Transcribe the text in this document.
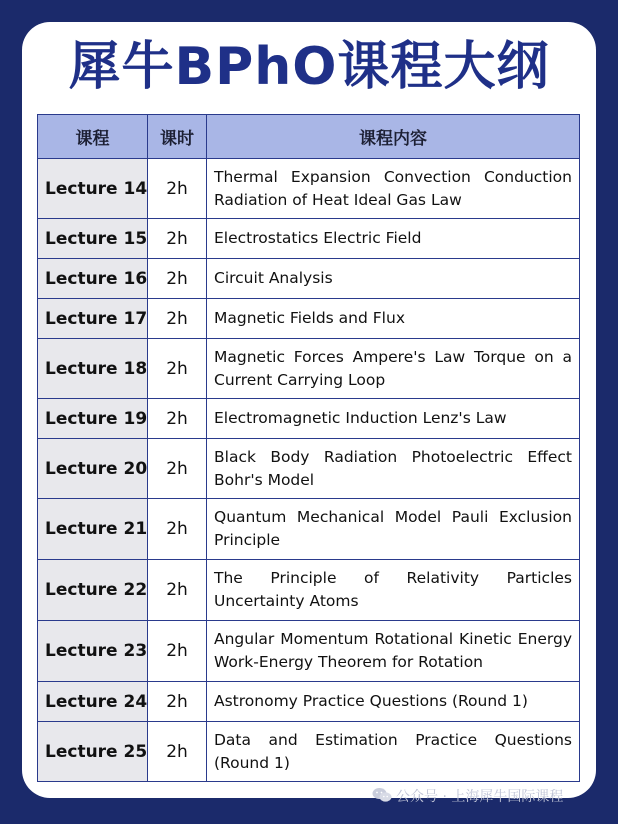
犀牛BPhO课程大纲
课程	课时	课程内容
Lecture 14	2h	Thermal Expansion Convection Conduction Radiation of Heat Ideal Gas Law
Lecture 15	2h	Electrostatics Electric Field
Lecture 16	2h	Circuit Analysis
Lecture 17	2h	Magnetic Fields and Flux
Lecture 18	2h	Magnetic Forces Ampere's Law Torque on a Current Carrying Loop
Lecture 19	2h	Electromagnetic Induction Lenz's Law
Lecture 20	2h	Black Body Radiation Photoelectric Effect Bohr's Model
Lecture 21	2h	Quantum Mechanical Model Pauli Exclusion Principle
Lecture 22	2h	The Principle of Relativity Particles Uncertainty Atoms
Lecture 23	2h	Angular Momentum Rotational Kinetic Energy Work-Energy Theorem for Rotation
Lecture 24	2h	Astronomy Practice Questions (Round 1)
Lecture 25	2h	Data and Estimation Practice Questions (Round 1)
公众号 · 上海犀牛国际课程
